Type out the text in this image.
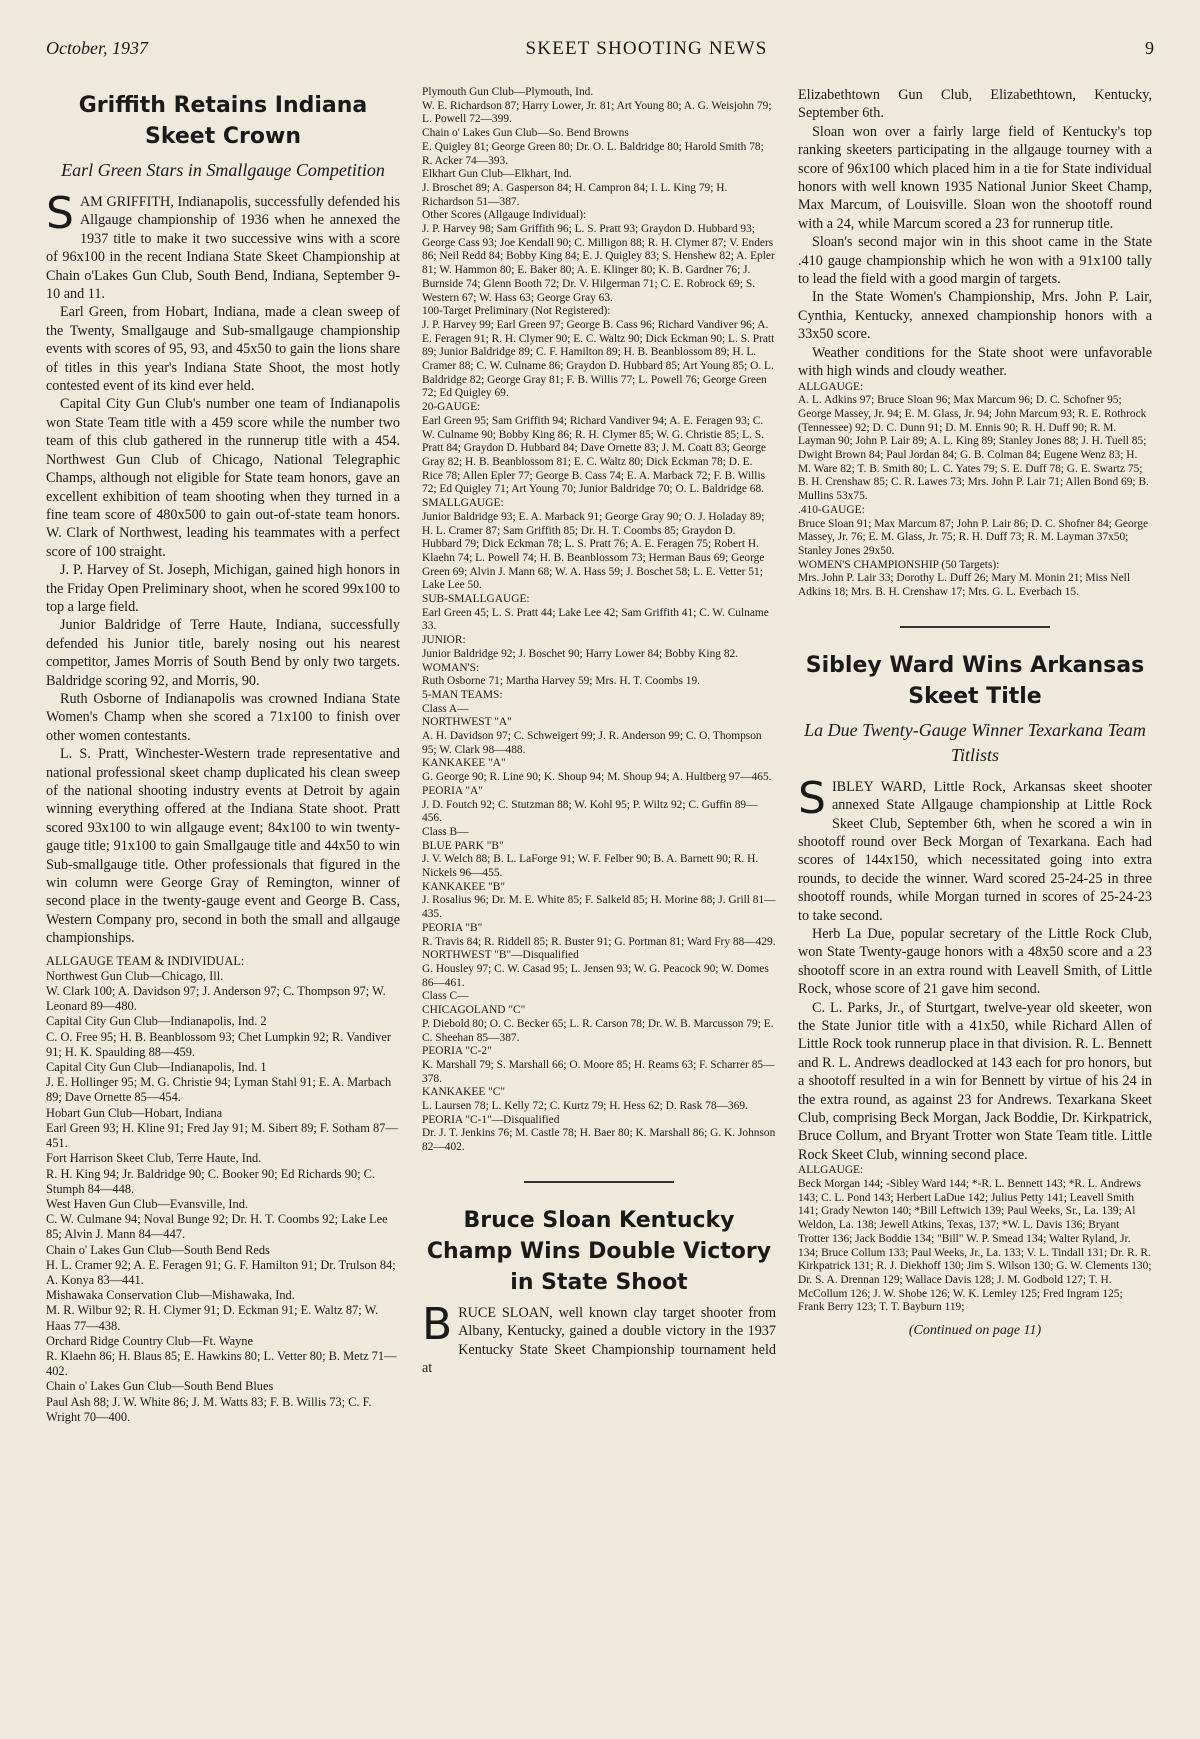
October, 1937	SKEET SHOOTING NEWS	9
Griffith Retains Indiana Skeet Crown
Earl Green Stars in Smallgauge Competition

SAM GRIFFITH, Indianapolis, successfully defended his Allgauge championship of 1936 when he annexed the 1937 title to make it two successive wins with a score of 96x100 in the recent Indiana State Skeet Championship at Chain o'Lakes Gun Club, South Bend, Indiana, September 9-10 and 11.

Earl Green, from Hobart, Indiana, made a clean sweep of the Twenty, Smallgauge and Sub-smallgauge championship events with scores of 95, 93, and 45x50 to gain the lions share of titles in this year's Indiana State Shoot, the most hotly contested event of its kind ever held.

Capital City Gun Club's number one team of Indianapolis won State Team title with a 459 score while the number two team of this club gathered in the runnerup title with a 454. Northwest Gun Club of Chicago, National Telegraphic Champs, although not eligible for State team honors, gave an excellent exhibition of team shooting when they turned in a fine team score of 480x500 to gain out-of-state team honors. W. Clark of Northwest, leading his teammates with a perfect score of 100 straight.

J. P. Harvey of St. Joseph, Michigan, gained high honors in the Friday Open Preliminary shoot, when he scored 99x100 to top a large field.

Junior Baldridge of Terre Haute, Indiana, successfully defended his Junior title, barely nosing out his nearest competitor, James Morris of South Bend by only two targets. Baldridge scoring 92, and Morris, 90.

Ruth Osborne of Indianapolis was crowned Indiana State Women's Champ when she scored a 71x100 to finish over other women contestants.

L. S. Pratt, Winchester-Western trade representative and national professional skeet champ duplicated his clean sweep of the national shooting industry events at Detroit by again winning everything offered at the Indiana State shoot. Pratt scored 93x100 to win allgauge event; 84x100 to win twenty-gauge title; 91x100 to gain Smallgauge title and 44x50 to win Sub-smallgauge title. Other professionals that figured in the win column were George Gray of Remington, winner of second place in the twenty-gauge event and George B. Cass, Western Company pro, second in both the small and allgauge championships.

ALLGAUGE TEAM & INDIVIDUAL:
Northwest Gun Club—Chicago, Ill.
W. Clark 100; A. Davidson 97; J. Anderson 97; C. Thompson 97; W. Leonard 89—480.
Capital City Gun Club—Indianapolis, Ind. 2
C. O. Free 95; H. B. Beanblossom 93; Chet Lumpkin 92; R. Vandiver 91; H. K. Spaulding 88—459.
Capital City Gun Club—Indianapolis, Ind. 1
J. E. Hollinger 95; M. G. Christie 94; Lyman Stahl 91; E. A. Marbach 89; Dave Ornette 85—454.
Hobart Gun Club—Hobart, Indiana
Earl Green 93; H. Kline 91; Fred Jay 91; M. Sibert 89; F. Sotham 87—451.
Fort Harrison Skeet Club, Terre Haute, Ind.
R. H. King 94; Jr. Baldridge 90; C. Booker 90; Ed Richards 90; C. Stumph 84—448.
West Haven Gun Club—Evansville, Ind.
C. W. Culmane 94; Noval Bunge 92; Dr. H. T. Coombs 92; Lake Lee 85; Alvin J. Mann 84—447.
Chain o' Lakes Gun Club—South Bend Reds
H. L. Cramer 92; A. E. Feragen 91; G. F. Hamilton 91; Dr. Trulson 84; A. Konya 83—441.
Mishawaka Conservation Club—Mishawaka, Ind.
M. R. Wilbur 92; R. H. Clymer 91; D. Eckman 91; E. Waltz 87; W. Haas 77—438.
Orchard Ridge Country Club—Ft. Wayne
R. Klaehn 86; H. Blaus 85; E. Hawkins 80; L. Vetter 80; B. Metz 71—402.
Chain o' Lakes Gun Club—South Bend Blues
Paul Ash 88; J. W. White 86; J. M. Watts 83; F. B. Willis 73; C. F. Wright 70—400.
Plymouth Gun Club—Plymouth, Ind.
W. E. Richardson 87; Harry Lower, Jr. 81; Art Young 80; A. G. Weisjohn 79; L. Powell 72—399.
Chain o' Lakes Gun Club—So. Bend Browns
E. Quigley 81; George Green 80; Dr. O. L. Baldridge 80; Harold Smith 78; R. Acker 74—393.
Elkhart Gun Club—Elkhart, Ind.
J. Broschet 89; A. Gasperson 84; H. Campron 84; I. L. King 79; H. Richardson 51—387.
Other Scores (Allgauge Individual):
J. P. Harvey 98; Sam Griffith 96; L. S. Pratt 93; Graydon D. Hubbard 93; George Cass 93; Joe Kendall 90; C. Milligon 88; R. H. Clymer 87; V. Enders 86; Neil Redd 84; Bobby King 84; E. J. Quigley 83; S. Henshew 82; A. Epler 81; W. Hammon 80; E. Baker 80; A. E. Klinger 80; K. B. Gardner 76; J. Burnside 74; Glenn Booth 72; Dr. V. Hilgerman 71; C. E. Robrock 69; S. Western 67; W. Hass 63; George Gray 63.
100-Target Preliminary (Not Registered):
J. P. Harvey 99; Earl Green 97; George B. Cass 96; Richard Vandiver 96; A. E. Feragen 91; R. H. Clymer 90; E. C. Waltz 90; Dick Eckman 90; L. S. Pratt 89; Junior Baldridge 89; C. F. Hamilton 89; H. B. Beanblossom 89; H. L. Cramer 88; C. W. Culname 86; Graydon D. Hubbard 85; Art Young 85; O. L. Baldridge 82; George Gray 81; F. B. Willis 77; L. Powell 76; George Green 72; Ed Quigley 69.
20-GAUGE:
Earl Green 95; Sam Griffith 94; Richard Vandiver 94; A. E. Feragen 93; C. W. Culname 90; Bobby King 86; R. H. Clymer 85; W. G. Christie 85; L. S. Pratt 84; Graydon D. Hubbard 84; Dave Ornette 83; J. M. Coatt 83; George Gray 82; H. B. Beanblossom 81; E. C. Waltz 80; Dick Eckman 78; D. E. Rice 78; Allen Epler 77; George B. Cass 74; E. A. Marback 72; F. B. Willis 72; Ed Quigley 71; Art Young 70; Junior Baldridge 70; O. L. Baldridge 68.
SMALLGAUGE:
Junior Baldridge 93; E. A. Marback 91; George Gray 90; O. J. Holaday 89; H. L. Cramer 87; Sam Griffith 85; Dr. H. T. Coombs 85; Graydon D. Hubbard 79; Dick Eckman 78; L. S. Pratt 76; A. E. Feragen 75; Robert H. Klaehn 74; L. Powell 74; H. B. Beanblossom 73; Herman Baus 69; George Green 69; Alvin J. Mann 68; W. A. Hass 59; J. Boschet 58; L. E. Vetter 51; Lake Lee 50.
SUB-SMALLGAUGE:
Earl Green 45; L. S. Pratt 44; Lake Lee 42; Sam Griffith 41; C. W. Culname 33.
JUNIOR:
Junior Baldridge 92; J. Boschet 90; Harry Lower 84; Bobby King 82.
WOMAN'S:
Ruth Osborne 71; Martha Harvey 59; Mrs. H. T. Coombs 19.
5-MAN TEAMS:
Class A—
NORTHWEST "A"
A. H. Davidson 97; C. Schweigert 99; J. R. Anderson 99; C. O. Thompson 95; W. Clark 98—488.
KANKAKEE "A"
G. George 90; R. Line 90; K. Shoup 94; M. Shoup 94; A. Hultberg 97—465.
PEORIA "A"
J. D. Foutch 92; C. Stutzman 88; W. Kohl 95; P. Wiltz 92; C. Guffin 89—456.
Class B—
BLUE PARK "B"
J. V. Welch 88; B. L. LaForge 91; W. F. Felber 90; B. A. Barnett 90; R. H. Nickels 96—455.
KANKAKEE "B"
J. Rosalius 96; Dr. M. E. White 85; F. Salkeld 85; H. Morine 88; J. Grill 81—435.
PEORIA "B"
R. Travis 84; R. Riddell 85; R. Buster 91; G. Portman 81; Ward Fry 88—429.
NORTHWEST "B"—Disqualified
G. Housley 97; C. W. Casad 95; L. Jensen 93; W. G. Peacock 90; W. Domes 86—461.
Class C—
CHICAGOLAND "C"
P. Diebold 80; O. C. Becker 65; L. R. Carson 78; Dr. W. B. Marcusson 79; E. C. Sheehan 85—387.
PEORIA "C-2"
K. Marshall 79; S. Marshall 66; O. Moore 85; H. Reams 63; F. Scharrer 85—378.
KANKAKEE "C"
L. Laursen 78; L. Kelly 72; C. Kurtz 79; H. Hess 62; D. Rask 78—369.
PEORIA "C-1"—Disqualified
Dr. J. T. Jenkins 76; M. Castle 78; H. Baer 80; K. Marshall 86; G. K. Johnson 82—402.
Bruce Sloan Kentucky Champ Wins Double Victory in State Shoot

BRUCE SLOAN, well known clay target shooter from Albany, Kentucky, gained a double victory in the 1937 Kentucky State Skeet Championship tournament held at

Elizabethtown Gun Club, Elizabethtown, Kentucky, September 6th.

Sloan won over a fairly large field of Kentucky's top ranking skeeters participating in the allgauge tourney with a score of 96x100 which placed him in a tie for State individual honors with well known 1935 National Junior Skeet Champ, Max Marcum, of Louisville. Sloan won the shootoff round with a 24, while Marcum scored a 23 for runnerup title.

Sloan's second major win in this shoot came in the State .410 gauge championship which he won with a 91x100 tally to lead the field with a good margin of targets.

In the State Women's Championship, Mrs. John P. Lair, Cynthia, Kentucky, annexed championship honors with a 33x50 score.

Weather conditions for the State shoot were unfavorable with high winds and cloudy weather.

ALLGAUGE:
A. L. Adkins 97; Bruce Sloan 96; Max Marcum 96; D. C. Schofner 95; George Massey, Jr. 94; E. M. Glass, Jr. 94; John Marcum 93; R. E. Rothrock (Tennessee) 92; D. C. Dunn 91; D. M. Ennis 90; R. H. Duff 90; R. M. Layman 90; John P. Lair 89; A. L. King 89; Stanley Jones 88; J. H. Tuell 85; Dwight Brown 84; Paul Jordan 84; G. B. Colman 84; Eugene Wenz 83; H. M. Ware 82; T. B. Smith 80; L. C. Yates 79; S. E. Duff 78; G. E. Swartz 75; B. H. Crenshaw 85; C. R. Lawes 73; Mrs. John P. Lair 71; Allen Bond 69; B. Mullins 53x75.
.410-GAUGE:
Bruce Sloan 91; Max Marcum 87; John P. Lair 86; D. C. Shofner 84; George Massey, Jr. 76; E. M. Glass, Jr. 75; R. H. Duff 73; R. M. Layman 37x50; Stanley Jones 29x50.
WOMEN'S CHAMPIONSHIP (50 Targets):
Mrs. John P. Lair 33; Dorothy L. Duff 26; Mary M. Monin 21; Miss Nell Adkins 18; Mrs. B. H. Crenshaw 17; Mrs. G. L. Everbach 15.
Sibley Ward Wins Arkansas Skeet Title
La Due Twenty-Gauge Winner Texarkana Team Titlists

SIBLEY WARD, Little Rock, Arkansas skeet shooter annexed State Allgauge championship at Little Rock Skeet Club, September 6th, when he scored a win in shootoff round over Beck Morgan of Texarkana. Each had scores of 144x150, which necessitated going into extra rounds, to decide the winner. Ward scored 25-24-25 in three shootoff rounds, while Morgan turned in scores of 25-24-23 to take second.

Herb La Due, popular secretary of the Little Rock Club, won State Twenty-gauge honors with a 48x50 score and a 23 shootoff score in an extra round with Leavell Smith, of Little Rock, whose score of 21 gave him second.

C. L. Parks, Jr., of Sturtgart, twelve-year old skeeter, won the State Junior title with a 41x50, while Richard Allen of Little Rock took runnerup place in that division. R. L. Bennett and R. L. Andrews deadlocked at 143 each for pro honors, but a shootoff resulted in a win for Bennett by virtue of his 24 in the extra round, as against 23 for Andrews. Texarkana Skeet Club, comprising Beck Morgan, Jack Boddie, Dr. Kirkpatrick, Bruce Collum, and Bryant Trotter won State Team title. Little Rock Skeet Club, winning second place.

ALLGAUGE:
Beck Morgan 144; -Sibley Ward 144; *-R. L. Bennett 143; *R. L. Andrews 143; C. L. Pond 143; Herbert LaDue 142; Julius Petty 141; Leavell Smith 141; Grady Newton 140; *Bill Leftwich 139; Paul Weeks, Sr., La. 139; Al Weldon, La. 138; Jewell Atkins, Texas, 137; *W. L. Davis 136; Bryant Trotter 136; Jack Boddie 134; "Bill" W. P. Smead 134; Walter Ryland, Jr. 134; Bruce Collum 133; Paul Weeks, Jr., La. 133; V. L. Tindall 131; Dr. R. R. Kirkpatrick 131; R. J. Diekhoff 130; Jim S. Wilson 130; G. W. Clements 130; Dr. S. A. Drennan 129; Wallace Davis 128; J. M. Godbold 127; T. H. McCollum 126; J. W. Shobe 126; W. K. Lemley 125; Fred Ingram 125; Frank Berry 123; T. T. Bayburn 119;
(Continued on page 11)
